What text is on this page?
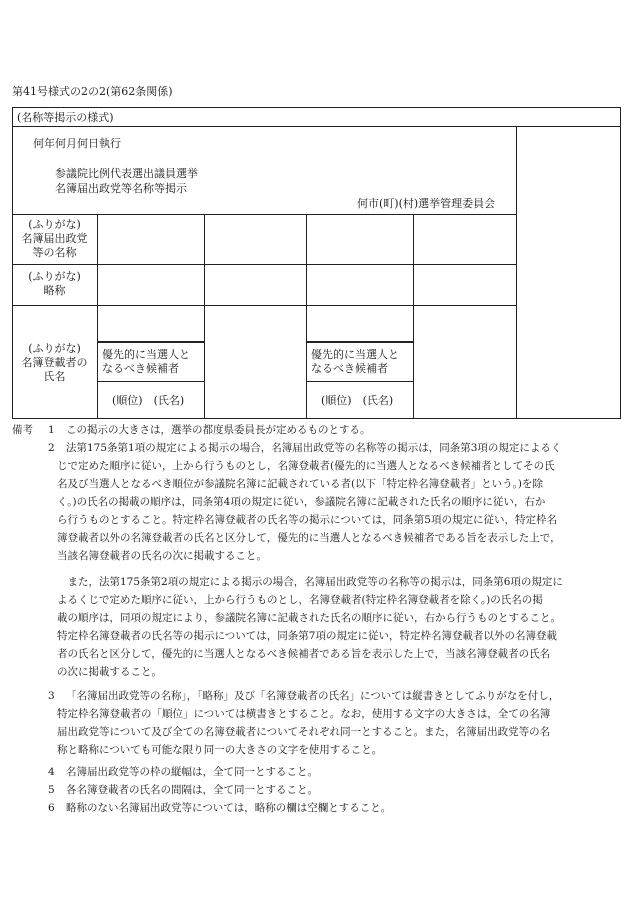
第41号様式の2の2(第62条関係)
(名称等掲示の様式)
何年何月何日執行
参議院比例代表選出議員選挙
名簿届出政党等名称等掲示
何市(町)(村)選挙管理委員会
(ふりがな)
名簿届出政党
等の名称
(ふりがな)
略称
(ふりがな)
名簿登載者の
氏名
優先的に当選人と
なるべき候補者
(順位)　(氏名)
優先的に当選人と
なるべき候補者
(順位)　(氏名)
備考 1 この掲示の大きさは，選挙の都度県委員長が定めるものとする。
2 法第175条第1項の規定による掲示の場合，名簿届出政党等の名称等の掲示は，同条第3項の規定によるく
じで定めた順序に従い，上から行うものとし，名簿登載者(優先的に当選人となるべき候補者としてその氏
名及び当選人となるべき順位が参議院名簿に記載されている者(以下「特定枠名簿登載者」という。)を除
く。)の氏名の掲載の順序は，同条第4項の規定に従い，参議院名簿に記載された氏名の順序に従い，右か
ら行うものとすること。特定枠名簿登載者の氏名等の掲示については，同条第5項の規定に従い，特定枠名
簿登載者以外の名簿登載者の氏名と区分して，優先的に当選人となるべき候補者である旨を表示した上で，
当該名簿登載者の氏名の次に掲載すること。
　また，法第175条第2項の規定による掲示の場合，名簿届出政党等の名称等の掲示は，同条第6項の規定に
よるくじで定めた順序に従い，上から行うものとし，名簿登載者(特定枠名簿登載者を除く。)の氏名の掲
載の順序は，同項の規定により，参議院名簿に記載された氏名の順序に従い，右から行うものとすること。
特定枠名簿登載者の氏名等の掲示については，同条第7項の規定に従い，特定枠名簿登載者以外の名簿登載
者の氏名と区分して，優先的に当選人となるべき候補者である旨を表示した上で，当該名簿登載者の氏名
の次に掲載すること。
3 「名簿届出政党等の名称」，「略称」及び「名簿登載者の氏名」については縦書きとしてふりがなを付し，
特定枠名簿登載者の「順位」については横書きとすること。なお，使用する文字の大きさは，全ての名簿
届出政党等について及び全ての名簿登載者についてそれぞれ同一とすること。また，名簿届出政党等の名
称と略称についても可能な限り同一の大きさの文字を使用すること。
4 名簿届出政党等の枠の縦幅は，全て同一とすること。
5 各名簿登載者の氏名の間隔は，全て同一とすること。
6 略称のない名簿届出政党等については，略称の欄は空欄とすること。
